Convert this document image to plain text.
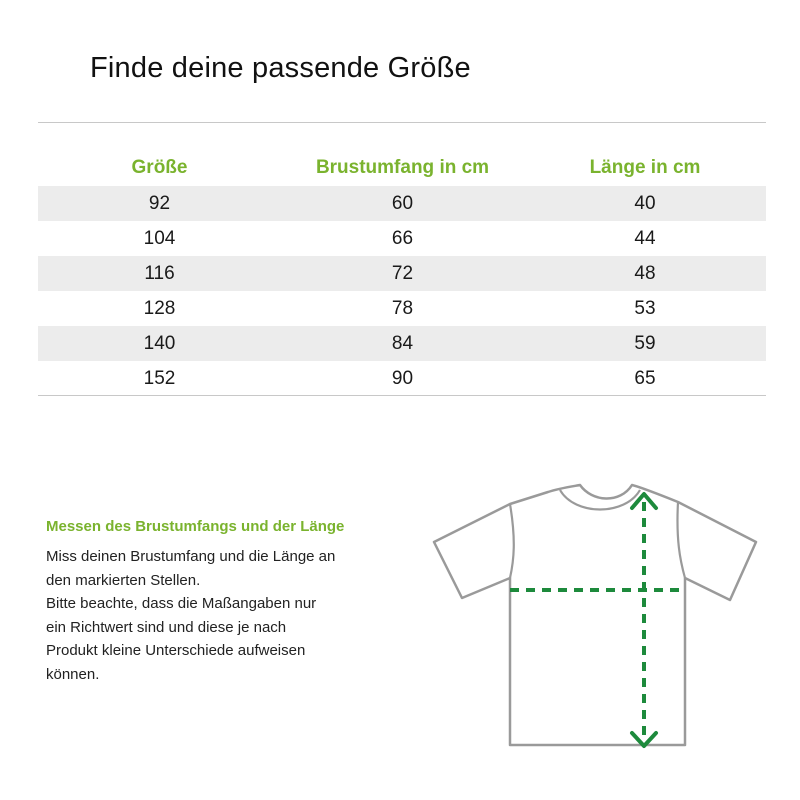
Finde deine passende Größe
Größe	Brustumfang in cm	Länge in cm
92	60	40
104	66	44
116	72	48
128	78	53
140	84	59
152	90	65

Messen des Brustumfangs und der Länge

Miss deinen Brustumfang und die Länge an
den markierten Stellen.
Bitte beachte, dass die Maßangaben nur
ein Richtwert sind und diese je nach
Produkt kleine Unterschiede aufweisen
können.
